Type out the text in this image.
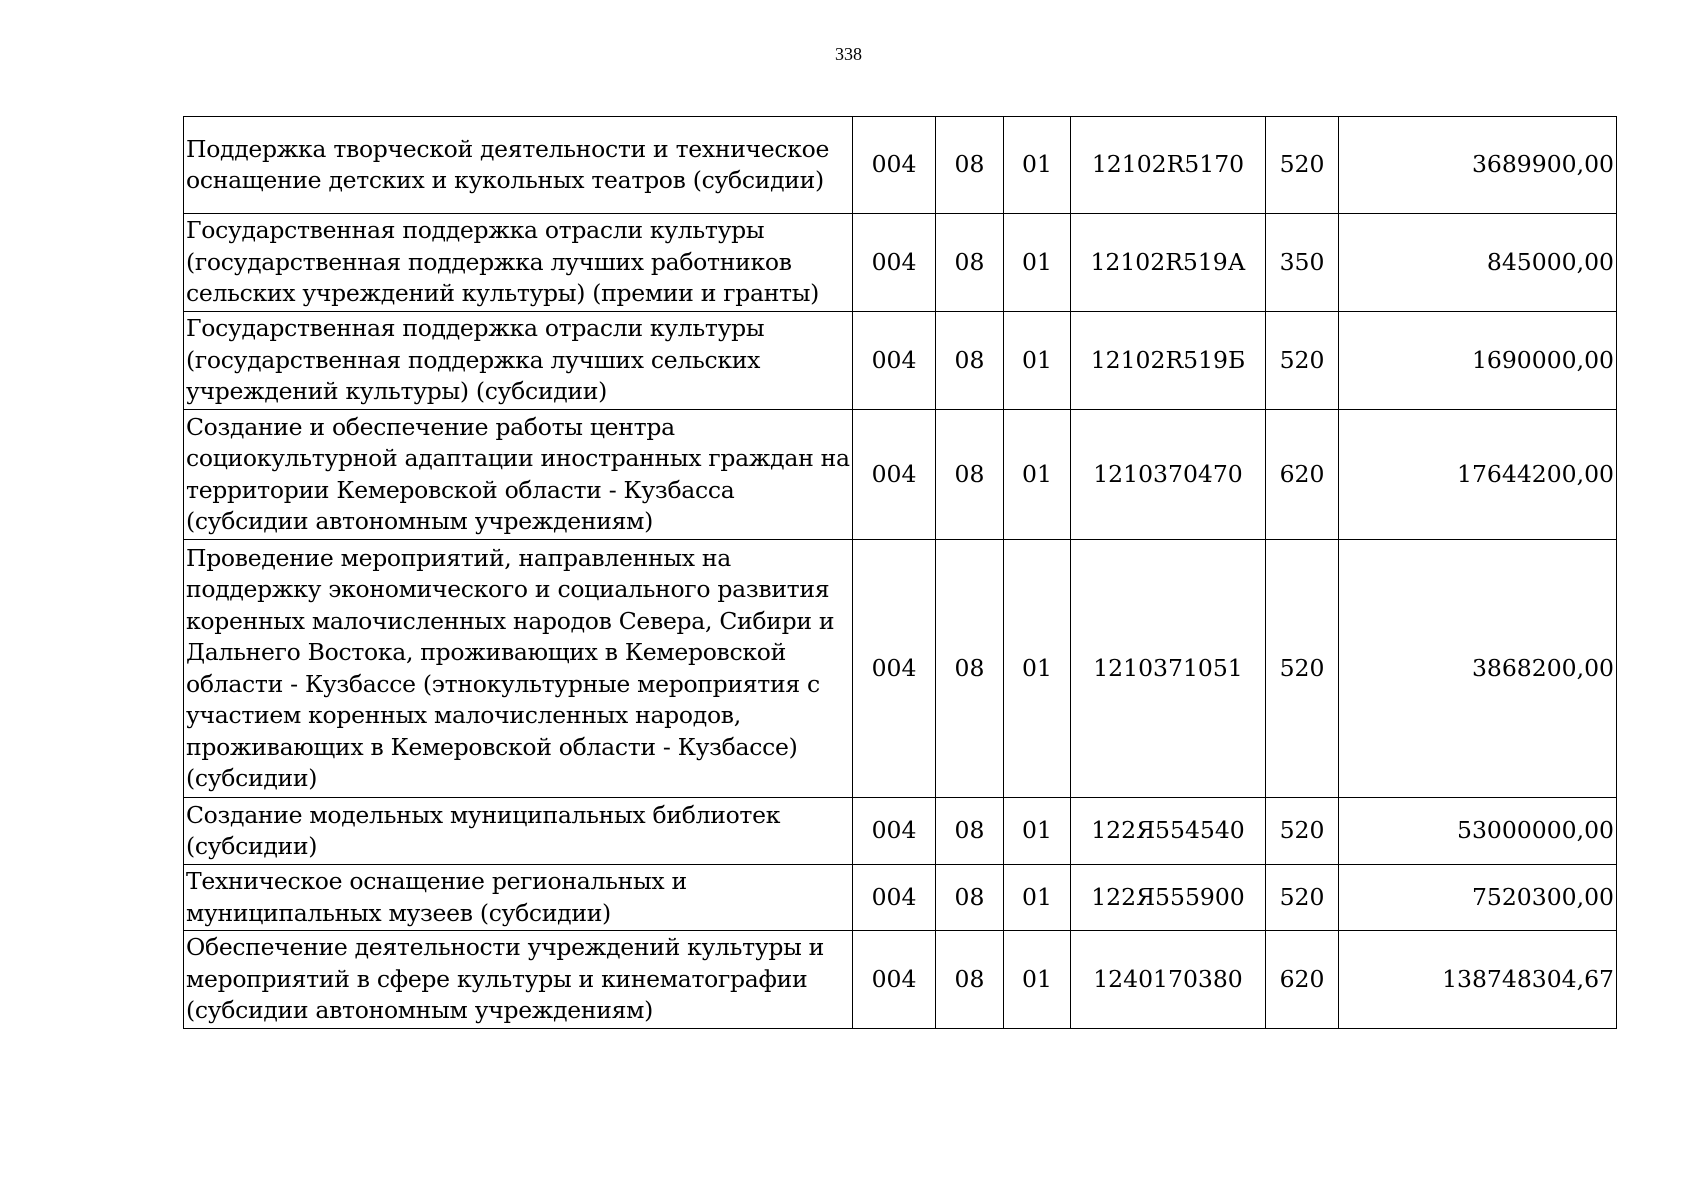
338
Поддержка творческой деятельности и техническое оснащение детских и кукольных театров (субсидии)	004	08	01	12102R5170	520	3689900,00
Государственная поддержка отрасли культуры (государственная поддержка лучших работников сельских учреждений культуры) (премии и гранты)	004	08	01	12102R519А	350	845000,00
Государственная поддержка отрасли культуры (государственная поддержка лучших сельских учреждений культуры) (субсидии)	004	08	01	12102R519Б	520	1690000,00
Создание и обеспечение работы центра социокультурной адаптации иностранных граждан на территории Кемеровской области - Кузбасса (субсидии автономным учреждениям)	004	08	01	1210370470	620	17644200,00
Проведение мероприятий, направленных на поддержку экономического и социального развития коренных малочисленных народов Севера, Сибири и Дальнего Востока, проживающих в Кемеровской области - Кузбассе (этнокультурные мероприятия с участием коренных малочисленных народов, проживающих в Кемеровской области - Кузбассе) (субсидии)	004	08	01	1210371051	520	3868200,00
Создание модельных муниципальных библиотек (субсидии)	004	08	01	122Я554540	520	53000000,00
Техническое оснащение региональных и муниципальных музеев (субсидии)	004	08	01	122Я555900	520	7520300,00
Обеспечение деятельности учреждений культуры и мероприятий в сфере культуры и кинематографии (субсидии автономным учреждениям)	004	08	01	1240170380	620	138748304,67
